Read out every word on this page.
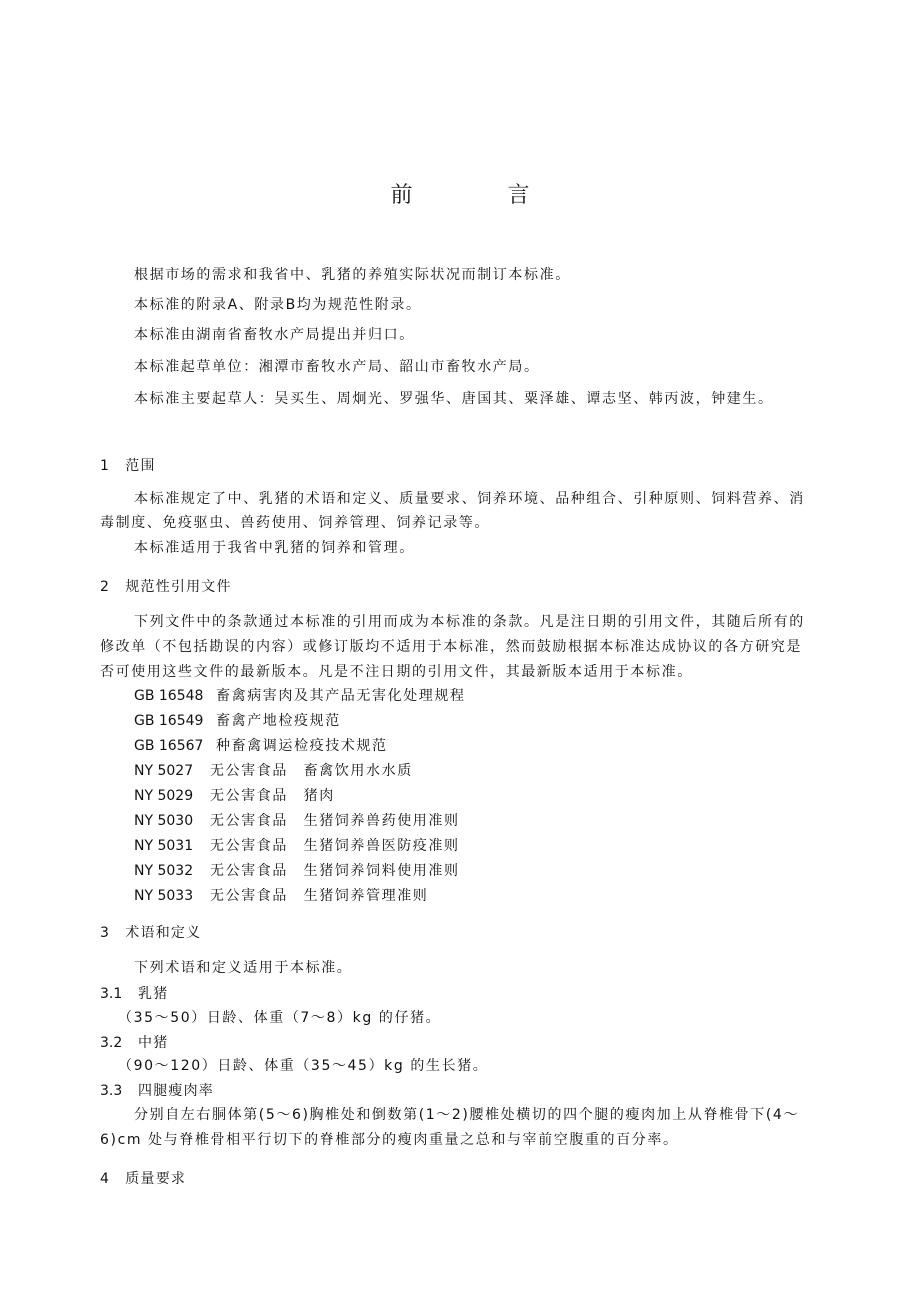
前 言
根据市场的需求和我省中、乳猪的养殖实际状况而制订本标准。
本标准的附录A、附录B均为规范性附录。
本标准由湖南省畜牧水产局提出并归口。
本标准起草单位：湘潭市畜牧水产局、韶山市畜牧水产局。
本标准主要起草人：吴买生、周炯光、罗强华、唐国其、粟泽雄、谭志坚、韩丙波，钟建生。
1　范围
本标准规定了中、乳猪的术语和定义、质量要求、饲养环境、品种组合、引种原则、饲料营养、消
毒制度、免疫驱虫、兽药使用、饲养管理、饲养记录等。
本标准适用于我省中乳猪的饲养和管理。
2　规范性引用文件
下列文件中的条款通过本标准的引用而成为本标准的条款。凡是注日期的引用文件，其随后所有的
修改单（不包括勘误的内容）或修订版均不适用于本标准，然而鼓励根据本标准达成协议的各方研究是
否可使用这些文件的最新版本。凡是不注日期的引用文件，其最新版本适用于本标准。
GB 16548 畜禽病害肉及其产品无害化处理规程
GB 16549 畜禽产地检疫规范
GB 16567 种畜禽调运检疫技术规范
NY 5027 无公害食品　畜禽饮用水水质
NY 5029 无公害食品　猪肉
NY 5030 无公害食品　生猪饲养兽药使用准则
NY 5031 无公害食品　生猪饲养兽医防疫准则
NY 5032 无公害食品　生猪饲养饲料使用准则
NY 5033 无公害食品　生猪饲养管理准则
3　术语和定义
下列术语和定义适用于本标准。
3.1 乳猪
（35～50）日龄、体重（7～8）kg 的仔猪。
3.2 中猪
（90～120）日龄、体重（35～45）kg 的生长猪。
3.3 四腿瘦肉率
分别自左右胴体第(5～6)胸椎处和倒数第(1～2)腰椎处横切的四个腿的瘦肉加上从脊椎骨下(4～
6)cm 处与脊椎骨相平行切下的脊椎部分的瘦肉重量之总和与宰前空腹重的百分率。
4　质量要求
